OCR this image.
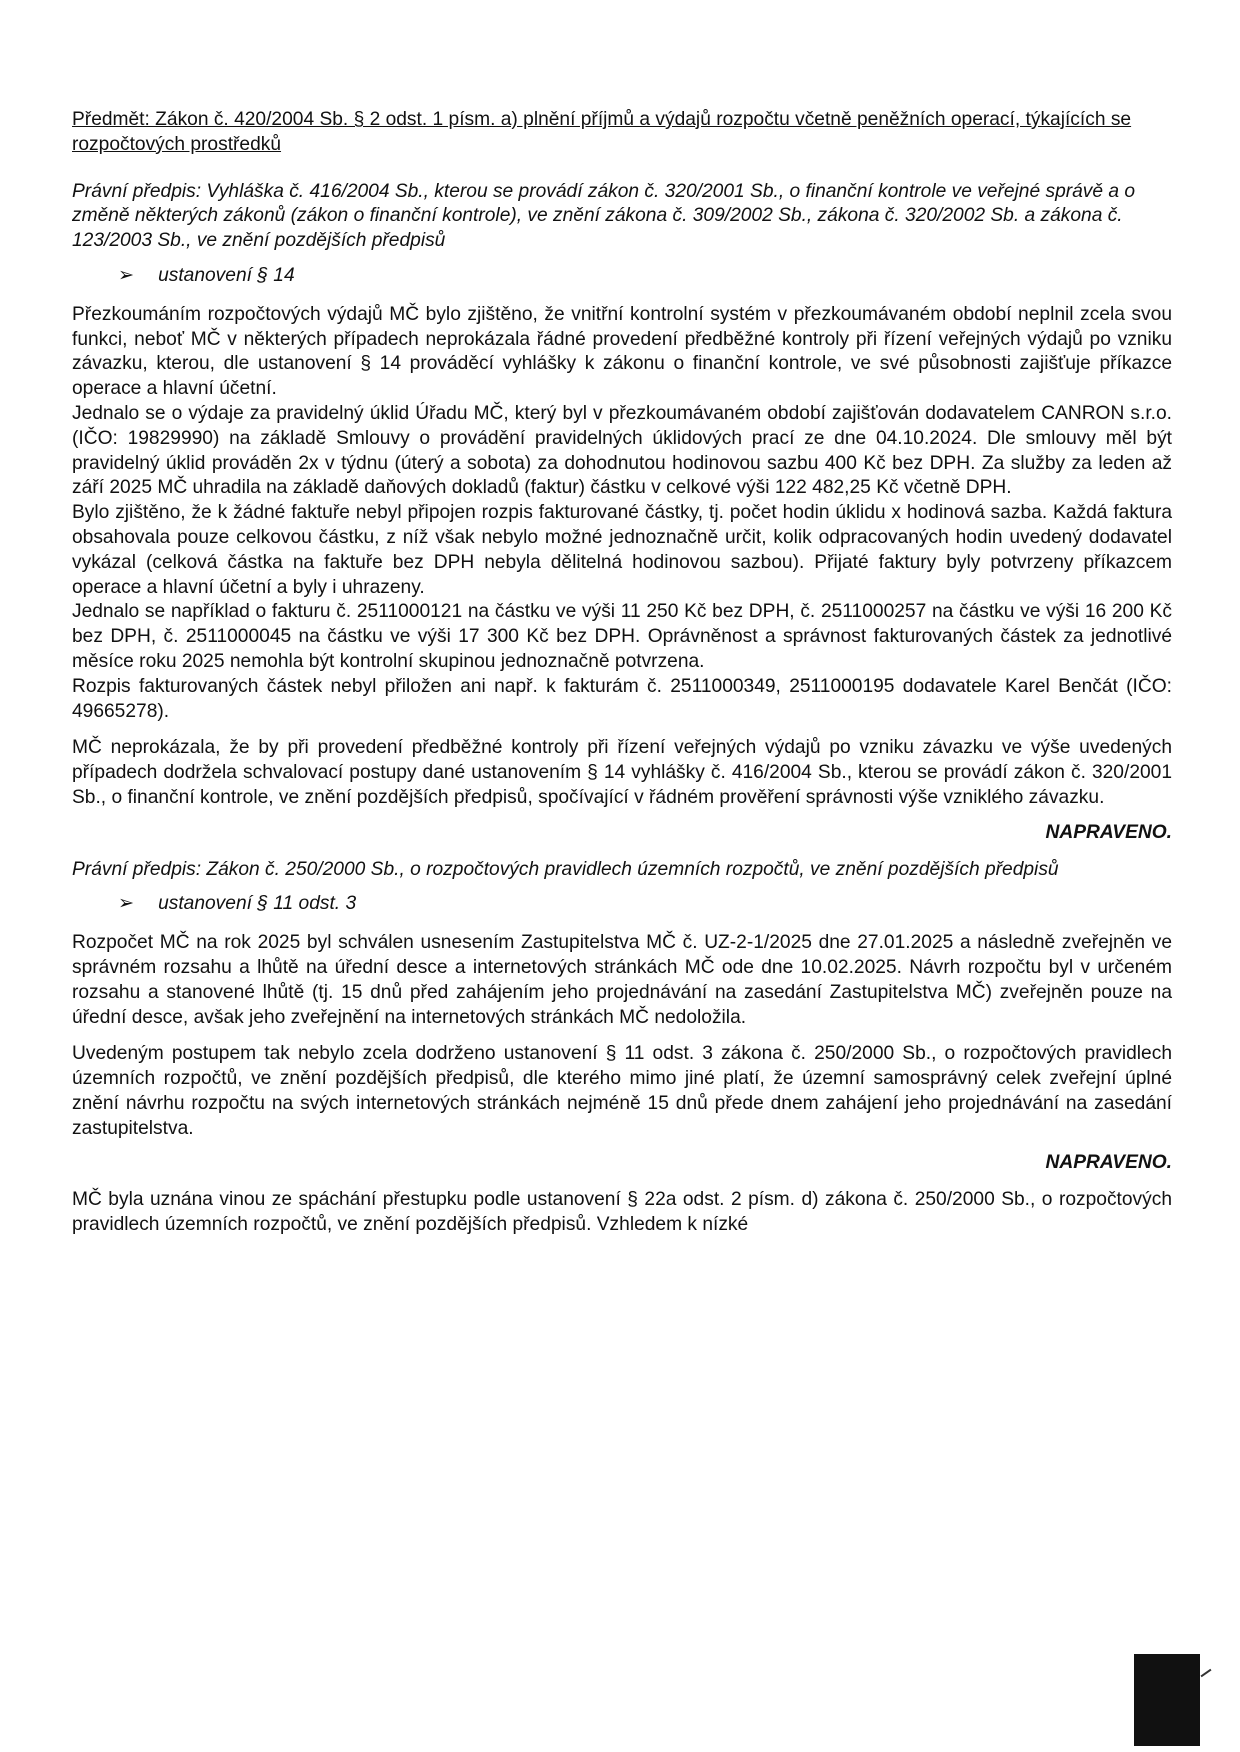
Předmět: Zákon č. 420/2004 Sb. § 2 odst. 1 písm. a) plnění příjmů a výdajů rozpočtu včetně peněžních operací, týkajících se rozpočtových prostředků

Právní předpis: Vyhláška č. 416/2004 Sb., kterou se provádí zákon č. 320/2001 Sb., o finanční kontrole ve veřejné správě a o změně některých zákonů (zákon o finanční kontrole), ve znění zákona č. 309/2002 Sb., zákona č. 320/2002 Sb. a zákona č. 123/2003 Sb., ve znění pozdějších předpisů

➢ ustanovení § 14

Přezkoumáním rozpočtových výdajů MČ bylo zjištěno, že vnitřní kontrolní systém v přezkoumávaném období neplnil zcela svou funkci, neboť MČ v některých případech neprokázala řádné provedení předběžné kontroly při řízení veřejných výdajů po vzniku závazku, kterou, dle ustanovení § 14 prováděcí vyhlášky k zákonu o finanční kontrole, ve své působnosti zajišťuje příkazce operace a hlavní účetní.

Jednalo se o výdaje za pravidelný úklid Úřadu MČ, který byl v přezkoumávaném období zajišťován dodavatelem CANRON s.r.o. (IČO: 19829990) na základě Smlouvy o provádění pravidelných úklidových prací ze dne 04.10.2024. Dle smlouvy měl být pravidelný úklid prováděn 2x v týdnu (úterý a sobota) za dohodnutou hodinovou sazbu 400 Kč bez DPH. Za služby za leden až září 2025 MČ uhradila na základě daňových dokladů (faktur) částku v celkové výši 122 482,25 Kč včetně DPH.

Bylo zjištěno, že k žádné faktuře nebyl připojen rozpis fakturované částky, tj. počet hodin úklidu x hodinová sazba. Každá faktura obsahovala pouze celkovou částku, z níž však nebylo možné jednoznačně určit, kolik odpracovaných hodin uvedený dodavatel vykázal (celková částka na faktuře bez DPH nebyla dělitelná hodinovou sazbou). Přijaté faktury byly potvrzeny příkazcem operace a hlavní účetní a byly i uhrazeny.

Jednalo se například o fakturu č. 2511000121 na částku ve výši 11 250 Kč bez DPH, č. 2511000257 na částku ve výši 16 200 Kč bez DPH, č. 2511000045 na částku ve výši 17 300 Kč bez DPH. Oprávněnost a správnost fakturovaných částek za jednotlivé měsíce roku 2025 nemohla být kontrolní skupinou jednoznačně potvrzena.

Rozpis fakturovaných částek nebyl přiložen ani např. k fakturám č. 2511000349, 2511000195 dodavatele Karel Benčát (IČO: 49665278).

MČ neprokázala, že by při provedení předběžné kontroly při řízení veřejných výdajů po vzniku závazku ve výše uvedených případech dodržela schvalovací postupy dané ustanovením § 14 vyhlášky č. 416/2004 Sb., kterou se provádí zákon č. 320/2001 Sb., o finanční kontrole, ve znění pozdějších předpisů, spočívající v řádném prověření správnosti výše vzniklého závazku.

NAPRAVENO.

Právní předpis: Zákon č. 250/2000 Sb., o rozpočtových pravidlech územních rozpočtů, ve znění pozdějších předpisů

➢ ustanovení § 11 odst. 3

Rozpočet MČ na rok 2025 byl schválen usnesením Zastupitelstva MČ č. UZ-2-1/2025 dne 27.01.2025 a následně zveřejněn ve správném rozsahu a lhůtě na úřední desce a internetových stránkách MČ ode dne 10.02.2025. Návrh rozpočtu byl v určeném rozsahu a stanovené lhůtě (tj. 15 dnů před zahájením jeho projednávání na zasedání Zastupitelstva MČ) zveřejněn pouze na úřední desce, avšak jeho zveřejnění na internetových stránkách MČ nedoložila.

Uvedeným postupem tak nebylo zcela dodrženo ustanovení § 11 odst. 3 zákona č. 250/2000 Sb., o rozpočtových pravidlech územních rozpočtů, ve znění pozdějších předpisů, dle kterého mimo jiné platí, že územní samosprávný celek zveřejní úplné znění návrhu rozpočtu na svých internetových stránkách nejméně 15 dnů přede dnem zahájení jeho projednávání na zasedání zastupitelstva.

NAPRAVENO.

MČ byla uznána vinou ze spáchání přestupku podle ustanovení § 22a odst. 2 písm. d) zákona č. 250/2000 Sb., o rozpočtových pravidlech územních rozpočtů, ve znění pozdějších předpisů. Vzhledem k nízké
